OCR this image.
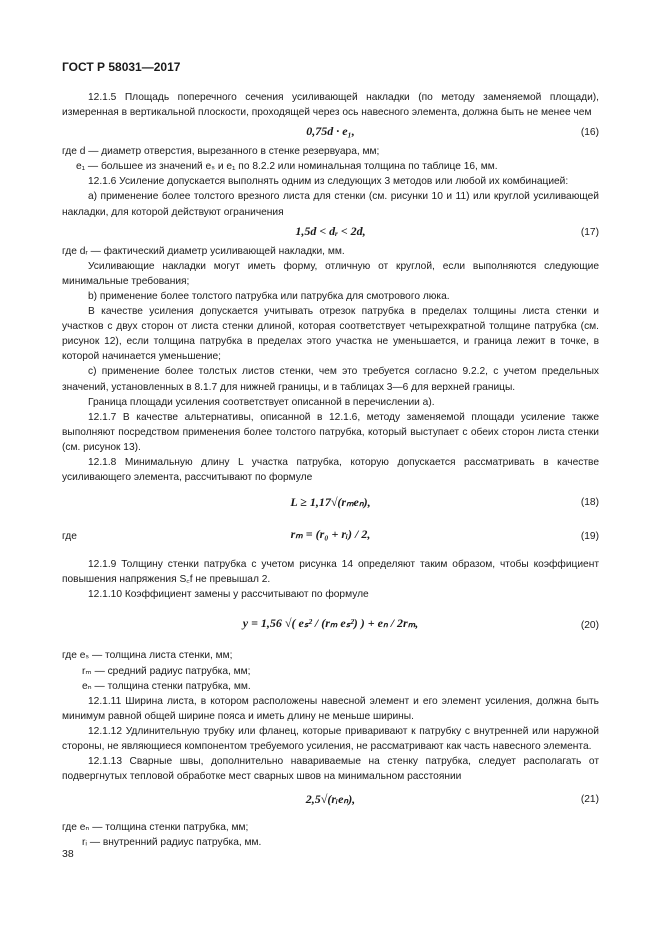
ГОСТ Р 58031—2017

12.1.5 Площадь поперечного сечения усиливающей накладки (по методу заменяемой площади), измеренная в вертикальной плоскости, проходящей через ось навесного элемента, должна быть не менее чем

0,75d · e₁,	(16)

где d — диаметр отверстия, вырезанного в стенке резервуара, мм;

e₁ — большее из значений eₛ и e₁ по 8.2.2 или номинальная толщина по таблице 16, мм.

12.1.6 Усиление допускается выполнять одним из следующих 3 методов или любой их комбинацией:

а) применение более толстого врезного листа для стенки (см. рисунки 10 и 11) или круглой усиливающей накладки, для которой действуют ограничения

1,5d < dᵣ < 2d,	(17)

где dᵣ — фактический диаметр усиливающей накладки, мм.

Усиливающие накладки могут иметь форму, отличную от круглой, если выполняются следующие минимальные требования;

b) применение более толстого патрубка или патрубка для смотрового люка.

В качестве усиления допускается учитывать отрезок патрубка в пределах толщины листа стенки и участков с двух сторон от листа стенки длиной, которая соответствует четырехкратной толщине патрубка (см. рисунок 12), если толщина патрубка в пределах этого участка не уменьшается, и граница лежит в точке, в которой начинается уменьшение;

с) применение более толстых листов стенки, чем это требуется согласно 9.2.2, с учетом предельных значений, установленных в 8.1.7 для нижней границы, и в таблицах 3—6 для верхней границы.

Граница площади усиления соответствует описанной в перечислении а).

12.1.7 В качестве альтернативы, описанной в 12.1.6, методу заменяемой площади усиление также выполняют посредством применения более толстого патрубка, который выступает с обеих сторон листа стенки (см. рисунок 13).

12.1.8 Минимальную длину L участка патрубка, которую допускается рассматривать в качестве усиливающего элемента, рассчитывают по формуле

L ≥ 1,17√(rₘeₙ),	(18)
где	rₘ = (r₀ + rᵢ) / 2,	(19)

12.1.9 Толщину стенки патрубка с учетом рисунка 14 определяют таким образом, чтобы коэффициент повышения напряжения S꜀f не превышал 2.

12.1.10 Коэффициент замены y рассчитывают по формуле

y = 1,56 √( eₛ² / (rₘ eₛ²) ) + eₙ / 2rₘ,	(20)

где eₛ — толщина листа стенки, мм;

rₘ — средний радиус патрубка, мм;

eₙ — толщина стенки патрубка, мм.

12.1.11 Ширина листа, в котором расположены навесной элемент и его элемент усиления, должна быть минимум равной общей ширине пояса и иметь длину не меньше ширины.

12.1.12 Удлинительную трубку или фланец, которые приваривают к патрубку с внутренней или наружной стороны, не являющиеся компонентом требуемого усиления, не рассматривают как часть навесного элемента.

12.1.13 Сварные швы, дополнительно навариваемые на стенку патрубка, следует располагать от подвергнутых тепловой обработке мест сварных швов на минимальном расстоянии

2,5√(rᵢeₙ),	(21)

где eₙ — толщина стенки патрубка, мм;

rᵢ — внутренний радиус патрубка, мм.

38
